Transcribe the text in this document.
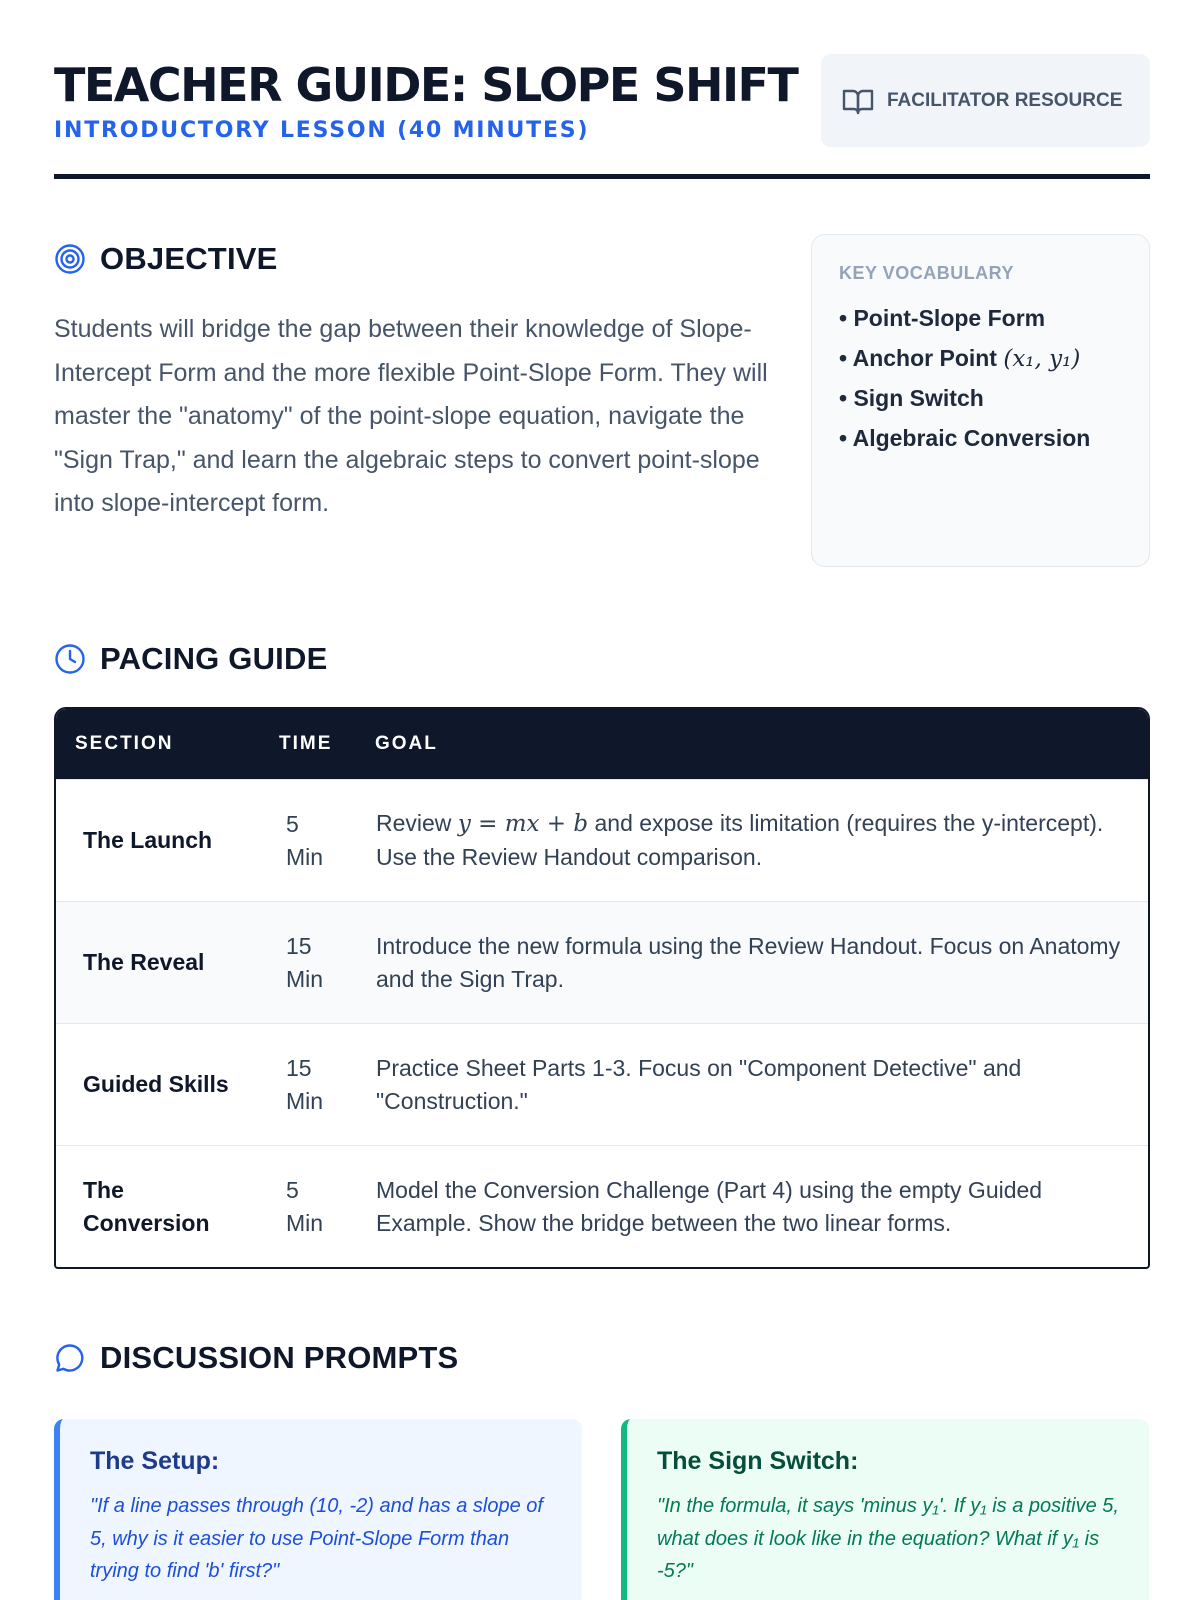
TEACHER GUIDE: SLOPE SHIFT
INTRODUCTORY LESSON (40 MINUTES)
FACILITATOR RESOURCE
OBJECTIVE

Students will bridge the gap between their knowledge of Slope-Intercept Form and the more flexible Point-Slope Form. They will master the "anatomy" of the point-slope equation, navigate the "Sign Trap," and learn the algebraic steps to convert point-slope into slope-intercept form.

KEY VOCABULARY
• Point-Slope Form
• Anchor Point (x₁, y₁)
• Sign Switch
• Algebraic Conversion
PACING GUIDE
SECTION	TIME	GOAL
The Launch
5
Min
Review y = mx + b and expose its limitation (requires the y-intercept). Use the Review Handout comparison.
The Reveal
15
Min
Introduce the new formula using the Review Handout. Focus on Anatomy and the Sign Trap.
Guided Skills
15
Min
Practice Sheet Parts 1-3. Focus on "Component Detective" and "Construction."
The Conversion
5
Min
Model the Conversion Challenge (Part 4) using the empty Guided Example. Show the bridge between the two linear forms.
DISCUSSION PROMPTS
The Setup:
"If a line passes through (10, -2) and has a slope of 5, why is it easier to use Point-Slope Form than trying to find 'b' first?"
The Sign Switch:
"In the formula, it says 'minus y₁'. If y₁ is a positive 5, what does it look like in the equation? What if y₁ is -5?"
